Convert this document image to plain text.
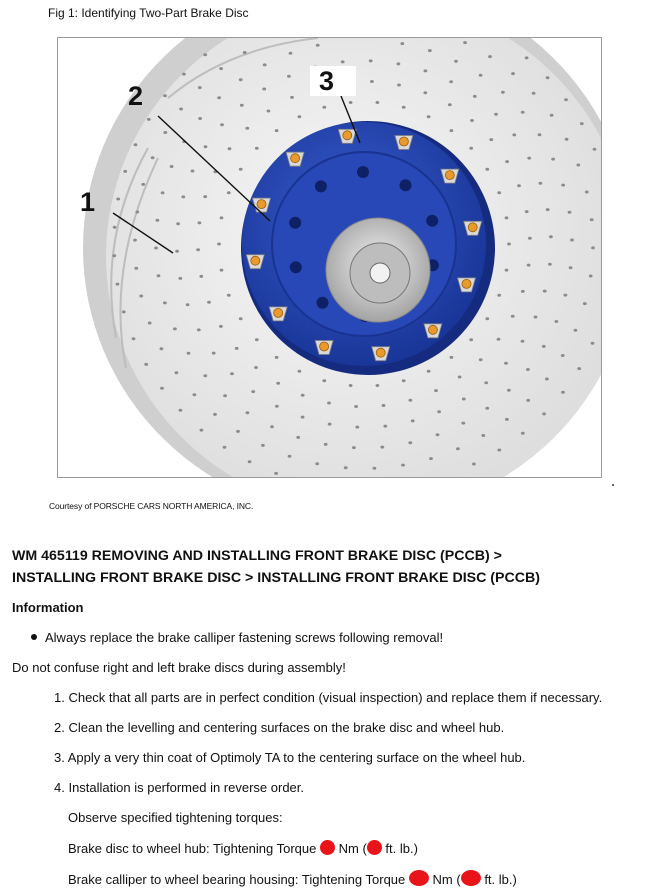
Fig 1: Identifying Two-Part Brake Disc
1
2	3
Courtesy of PORSCHE CARS NORTH AMERICA, INC.
WM 465119 REMOVING AND INSTALLING FRONT BRAKE DISC (PCCB) >
INSTALLING FRONT BRAKE DISC > INSTALLING FRONT BRAKE DISC (PCCB)
Information
Always replace the brake calliper fastening screws following removal!
Do not confuse right and left brake discs during assembly!
1. Check that all parts are in perfect condition (visual inspection) and replace them if necessary.
2. Clean the levelling and centering surfaces on the brake disc and wheel hub.
3. Apply a very thin coat of Optimoly TA to the centering surface on the wheel hub.
4. Installation is performed in reverse order.
Observe specified tightening torques:
Brake disc to wheel hub: Tightening Torque Nm ( ft. lb.)
Brake calliper to wheel bearing housing: Tightening Torque Nm ( ft. lb.)
